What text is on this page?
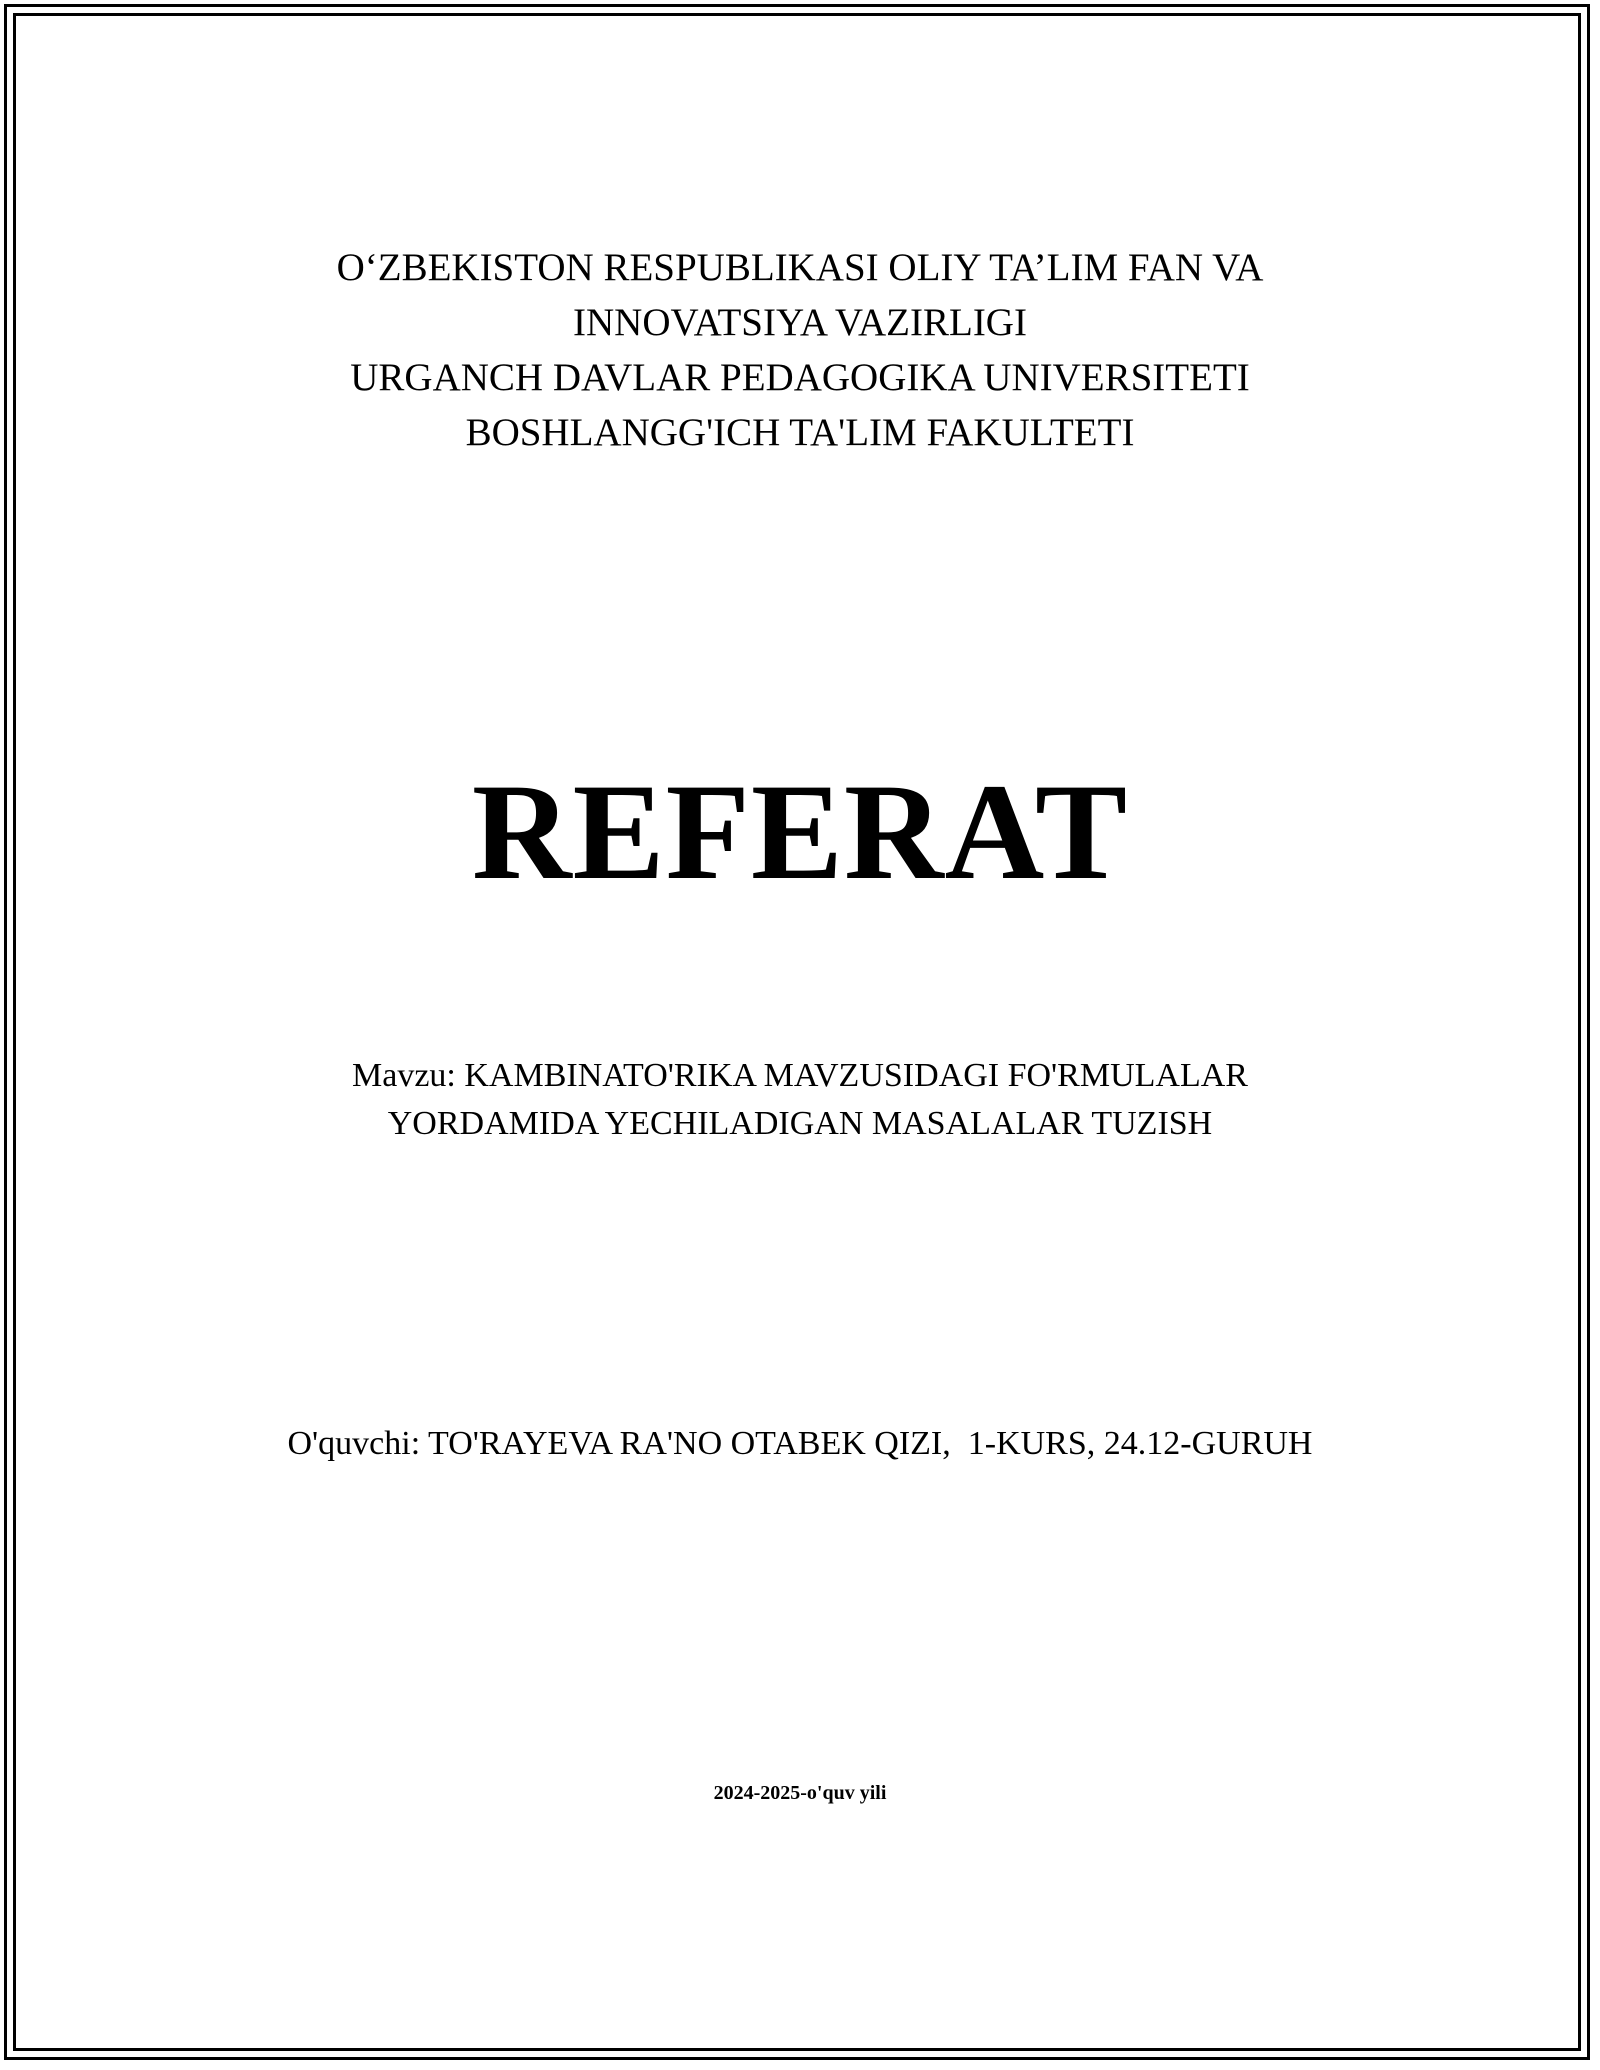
O‘ZBEKISTON RESPUBLIKASI OLIY TA’LIM FAN VA
INNOVATSIYA VAZIRLIGI
URGANCH DAVLAR PEDAGOGIKA UNIVERSITETI
BOSHLANGG'ICH TA'LIM FAKULTETI
REFERAT
Mavzu: KAMBINATO'RIKA MAVZUSIDAGI FO'RMULALAR
YORDAMIDA YECHILADIGAN MASALALAR TUZISH
O'quvchi: TO'RAYEVA RA'NO OTABEK QIZI,  1-KURS, 24.12-GURUH
2024-2025-o'quv yili
